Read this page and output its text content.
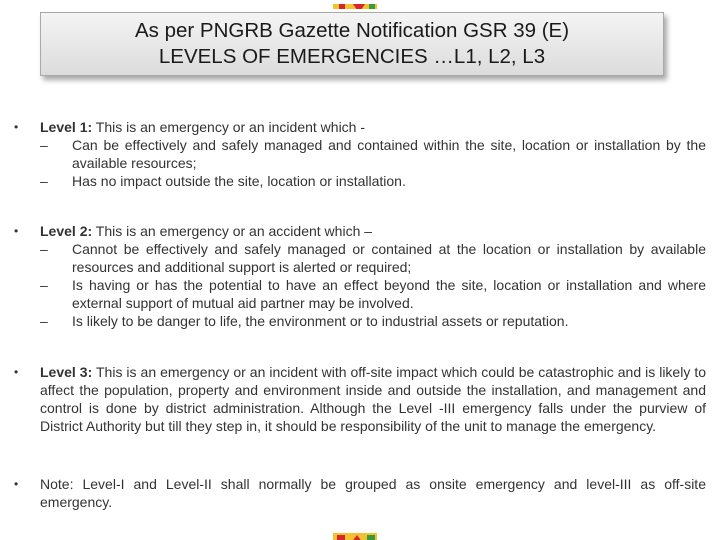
As per PNGRB Gazette Notification GSR 39 (E)
LEVELS OF EMERGENCIES …L1, L2, L3
• Level 1: This is an emergency or an incident which -
– Can be effectively and safely managed and contained within the site, location or installation by the available resources;
– Has no impact outside the site, location or installation.
• Level 2: This is an emergency or an accident which –
– Cannot be effectively and safely managed or contained at the location or installation by available resources and additional support is alerted or required;
– Is having or has the potential to have an effect beyond the site, location or installation and where external support of mutual aid partner may be involved.
– Is likely to be danger to life, the environment or to industrial assets or reputation.
• Level 3: This is an emergency or an incident with off-site impact which could be catastrophic and is likely to affect the population, property and environment inside and outside the installation, and management and control is done by district administration. Although the Level -III emergency falls under the purview of District Authority but till they step in, it should be responsibility of the unit to manage the emergency.
• Note: Level-I and Level-II shall normally be grouped as onsite emergency and level-III as off-site emergency.
